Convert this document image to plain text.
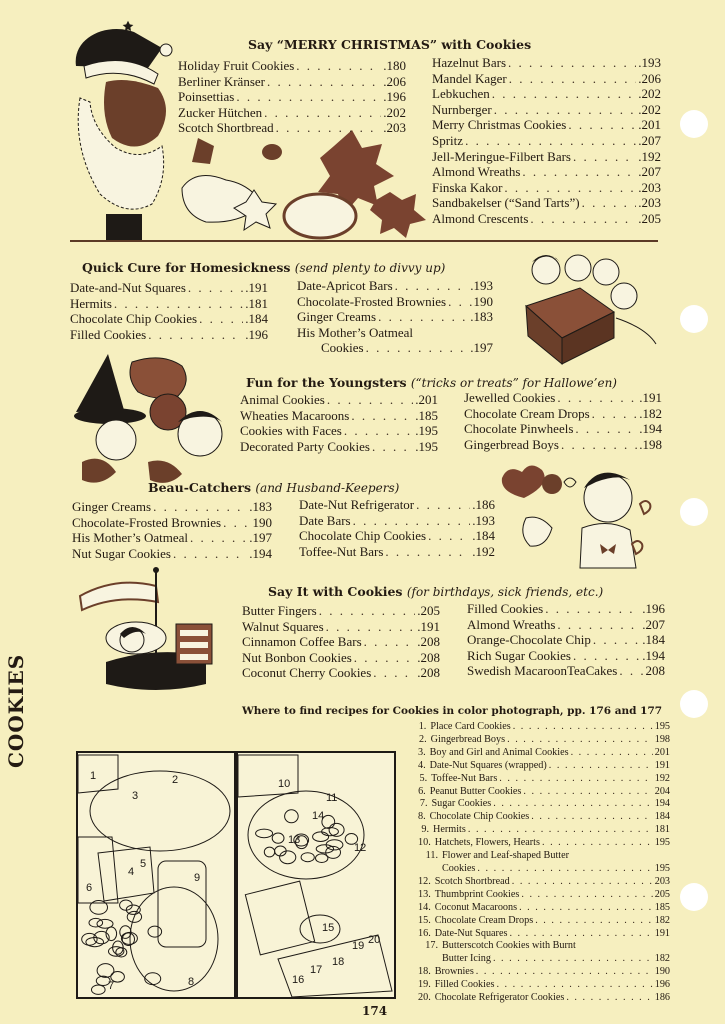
COOKIES
Say “MERRY CHRISTMAS” with Cookies
Holiday Fruit Cookies . . .	.180
Berliner Kränser . . .	.206
Poinsettias . . .	.196
Zucker Hütchen . . .	.202
Scotch Shortbread . . .	.203
Hazelnut Bars . . .	.193
Mandel Kager . . .	.206
Lebkuchen . . .	.202
Nurnberger . . .	.202
Merry Christmas Cookies . . .	.201
Spritz . . .	.207
Jell-Meringue-Filbert Bars . . .	.192
Almond Wreaths . . .	.207
Finska Kakor . . .	.203
Sandbakelser (“Sand Tarts”) . . .	.203
Almond Crescents . . .	.205
Quick Cure for Homesickness (send plenty to divvy up)
Date-and-Nut Squares . . .	.191
Hermits . . .	.181
Chocolate Chip Cookies . . .	.184
Filled Cookies . . .	.196
Date-Apricot Bars . . .	.193
Chocolate-Frosted Brownies . . . 190
Ginger Creams . . .	.183
His Mother’s Oatmeal
Cookies . . .	.197
Fun for the Youngsters (“tricks or treats” for Hallowe’en)
Animal Cookies . . .	.201
Wheaties Macaroons . . .	.185
Cookies with Faces . . .	.195
Decorated Party Cookies . . .	.195
Jewelled Cookies . . .	.191
Chocolate Cream Drops . . .	.182
Chocolate Pinwheels . . .	.194
Gingerbread Boys . . .	.198
Beau-Catchers (and Husband-Keepers)
Ginger Creams . . .	.183
Chocolate-Frosted Brownies . . . 190
His Mother’s Oatmeal . . .	.197
Nut Sugar Cookies . . .	.194
Date-Nut Refrigerator . . .	.186
Date Bars . . .	.193
Chocolate Chip Cookies . . .	.184
Toffee-Nut Bars . . .	.192
Say It with Cookies (for birthdays, sick friends, etc.)
Butter Fingers . . .	.205
Walnut Squares . . .	.191
Cinnamon Coffee Bars . . .	.208
Nut Bonbon Cookies . . .	.208
Coconut Cherry Cookies . . .	.208
Filled Cookies . . .	.196
Almond Wreaths . . .	.207
Orange-Chocolate Chip . . .	.184
Rich Sugar Cookies . . .	.194
Swedish MacaroonTeaCakes . . . 208
Where to find recipes for Cookies in color photograph, pp. 176 and 177
1	2
3
4
5
6
7	8
9
10
11
12
13
14
15
16
17
18
19 20
1. Place Card Cookies . . .	195
2. Gingerbread Boys . . .	198
3. Boy and Girl and Animal Cookies . . .	201
4. Date-Nut Squares (wrapped) . . .	191
5. Toffee-Nut Bars . . .	192
6. Peanut Butter Cookies . . .	204
7. Sugar Cookies . . .	194
8. Chocolate Chip Cookies . . .	184
9. Hermits . . .	181
10. Hatchets, Flowers, Hearts . . .	195
11. Flower and Leaf-shaped Butter
Cookies . . .	195
12. Scotch Shortbread . . .	203
13. Thumbprint Cookies . . .	205
14. Coconut Macaroons . . .	185
15. Chocolate Cream Drops . . .	182
16. Date-Nut Squares . . .	191
17. Butterscotch Cookies with Burnt
Butter Icing . . .	182
18. Brownies . . .	190
19. Filled Cookies . . .	196
20. Chocolate Refrigerator Cookies . . .	186
174
